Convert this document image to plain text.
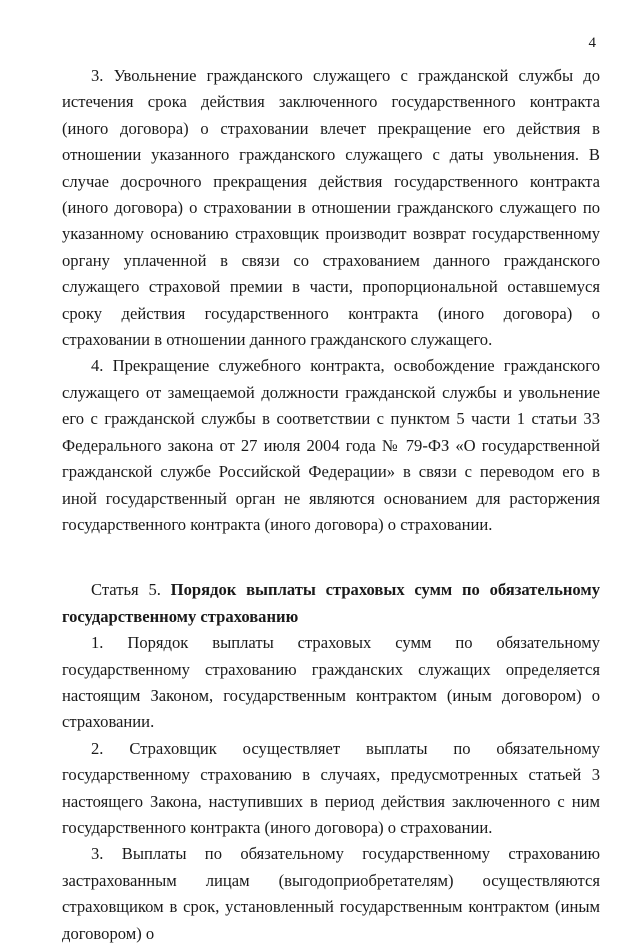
4

3. Увольнение гражданского служащего с гражданской службы до истечения срока действия заключенного государственного контракта (иного договора) о страховании влечет прекращение его действия в отношении указанного гражданского служащего с даты увольнения. В случае досрочного прекращения действия государственного контракта (иного договора) о страховании в отношении гражданского служащего по указанному основанию страховщик производит возврат государственному органу уплаченной в связи со страхованием данного гражданского служащего страховой премии в части, пропорциональной оставшемуся сроку действия государственного контракта (иного договора) о страховании в отношении данного гражданского служащего.

4. Прекращение служебного контракта, освобождение гражданского служащего от замещаемой должности гражданской службы и увольнение его с гражданской службы в соответствии с пунктом 5 части 1 статьи 33 Федерального закона от 27 июля 2004 года № 79-ФЗ «О государственной гражданской службе Российской Федерации» в связи с переводом его в иной государственный орган не являются основанием для расторжения государственного контракта (иного договора) о страховании.

Статья 5. Порядок выплаты страховых сумм по обязательному государственному страхованию

1. Порядок выплаты страховых сумм по обязательному государственному страхованию гражданских служащих определяется настоящим Законом, государственным контрактом (иным договором) о страховании.

2. Страховщик осуществляет выплаты по обязательному государственному страхованию в случаях, предусмотренных статьей 3 настоящего Закона, наступивших в период действия заключенного с ним государственного контракта (иного договора) о страховании.

3. Выплаты по обязательному государственному страхованию застрахованным лицам (выгодоприобретателям) осуществляются страховщиком в срок, установленный государственным контрактом (иным договором) о
